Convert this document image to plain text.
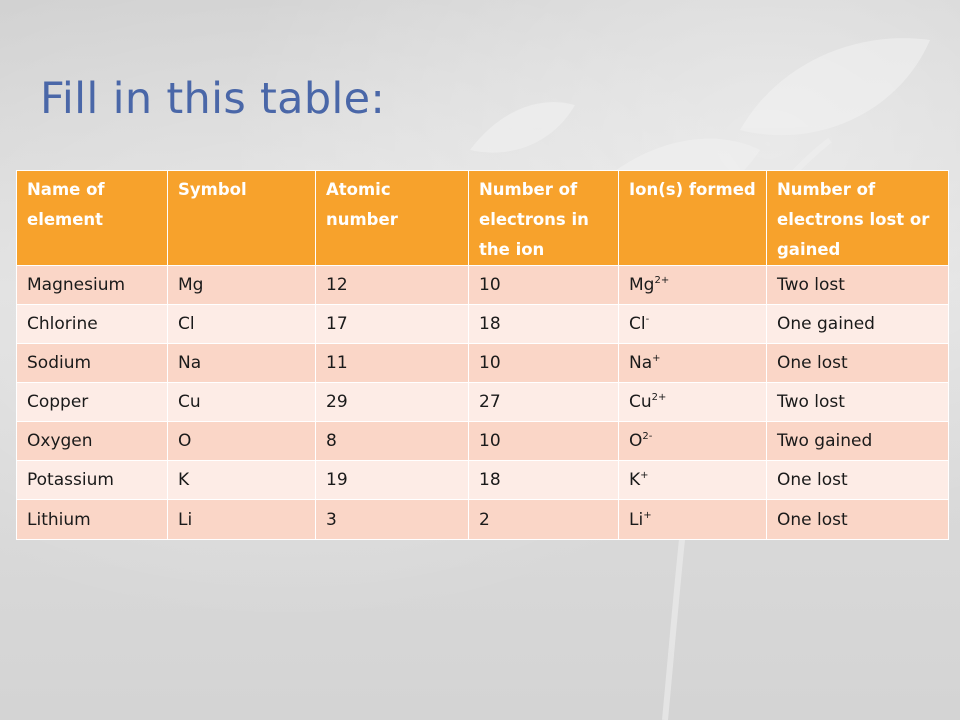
Fill in this table:
Name of element	Symbol	Atomic number	Number of electrons in the ion	Ion(s) formed	Number of electrons lost or gained
Magnesium	Mg	12	10	$Mg^{2+}$	Two lost
Chlorine	Cl	17	18	Cl-	One gained
Sodium	Na	11	10	Na+	One lost
Copper	Cu	29	27	$Cu^{2+}$	Two lost
Oxygen	O	8	10	$O^{2-}$	Two gained
Potassium	K	19	18	K+	One lost
Lithium	Li	3	2	Li+	One lost
